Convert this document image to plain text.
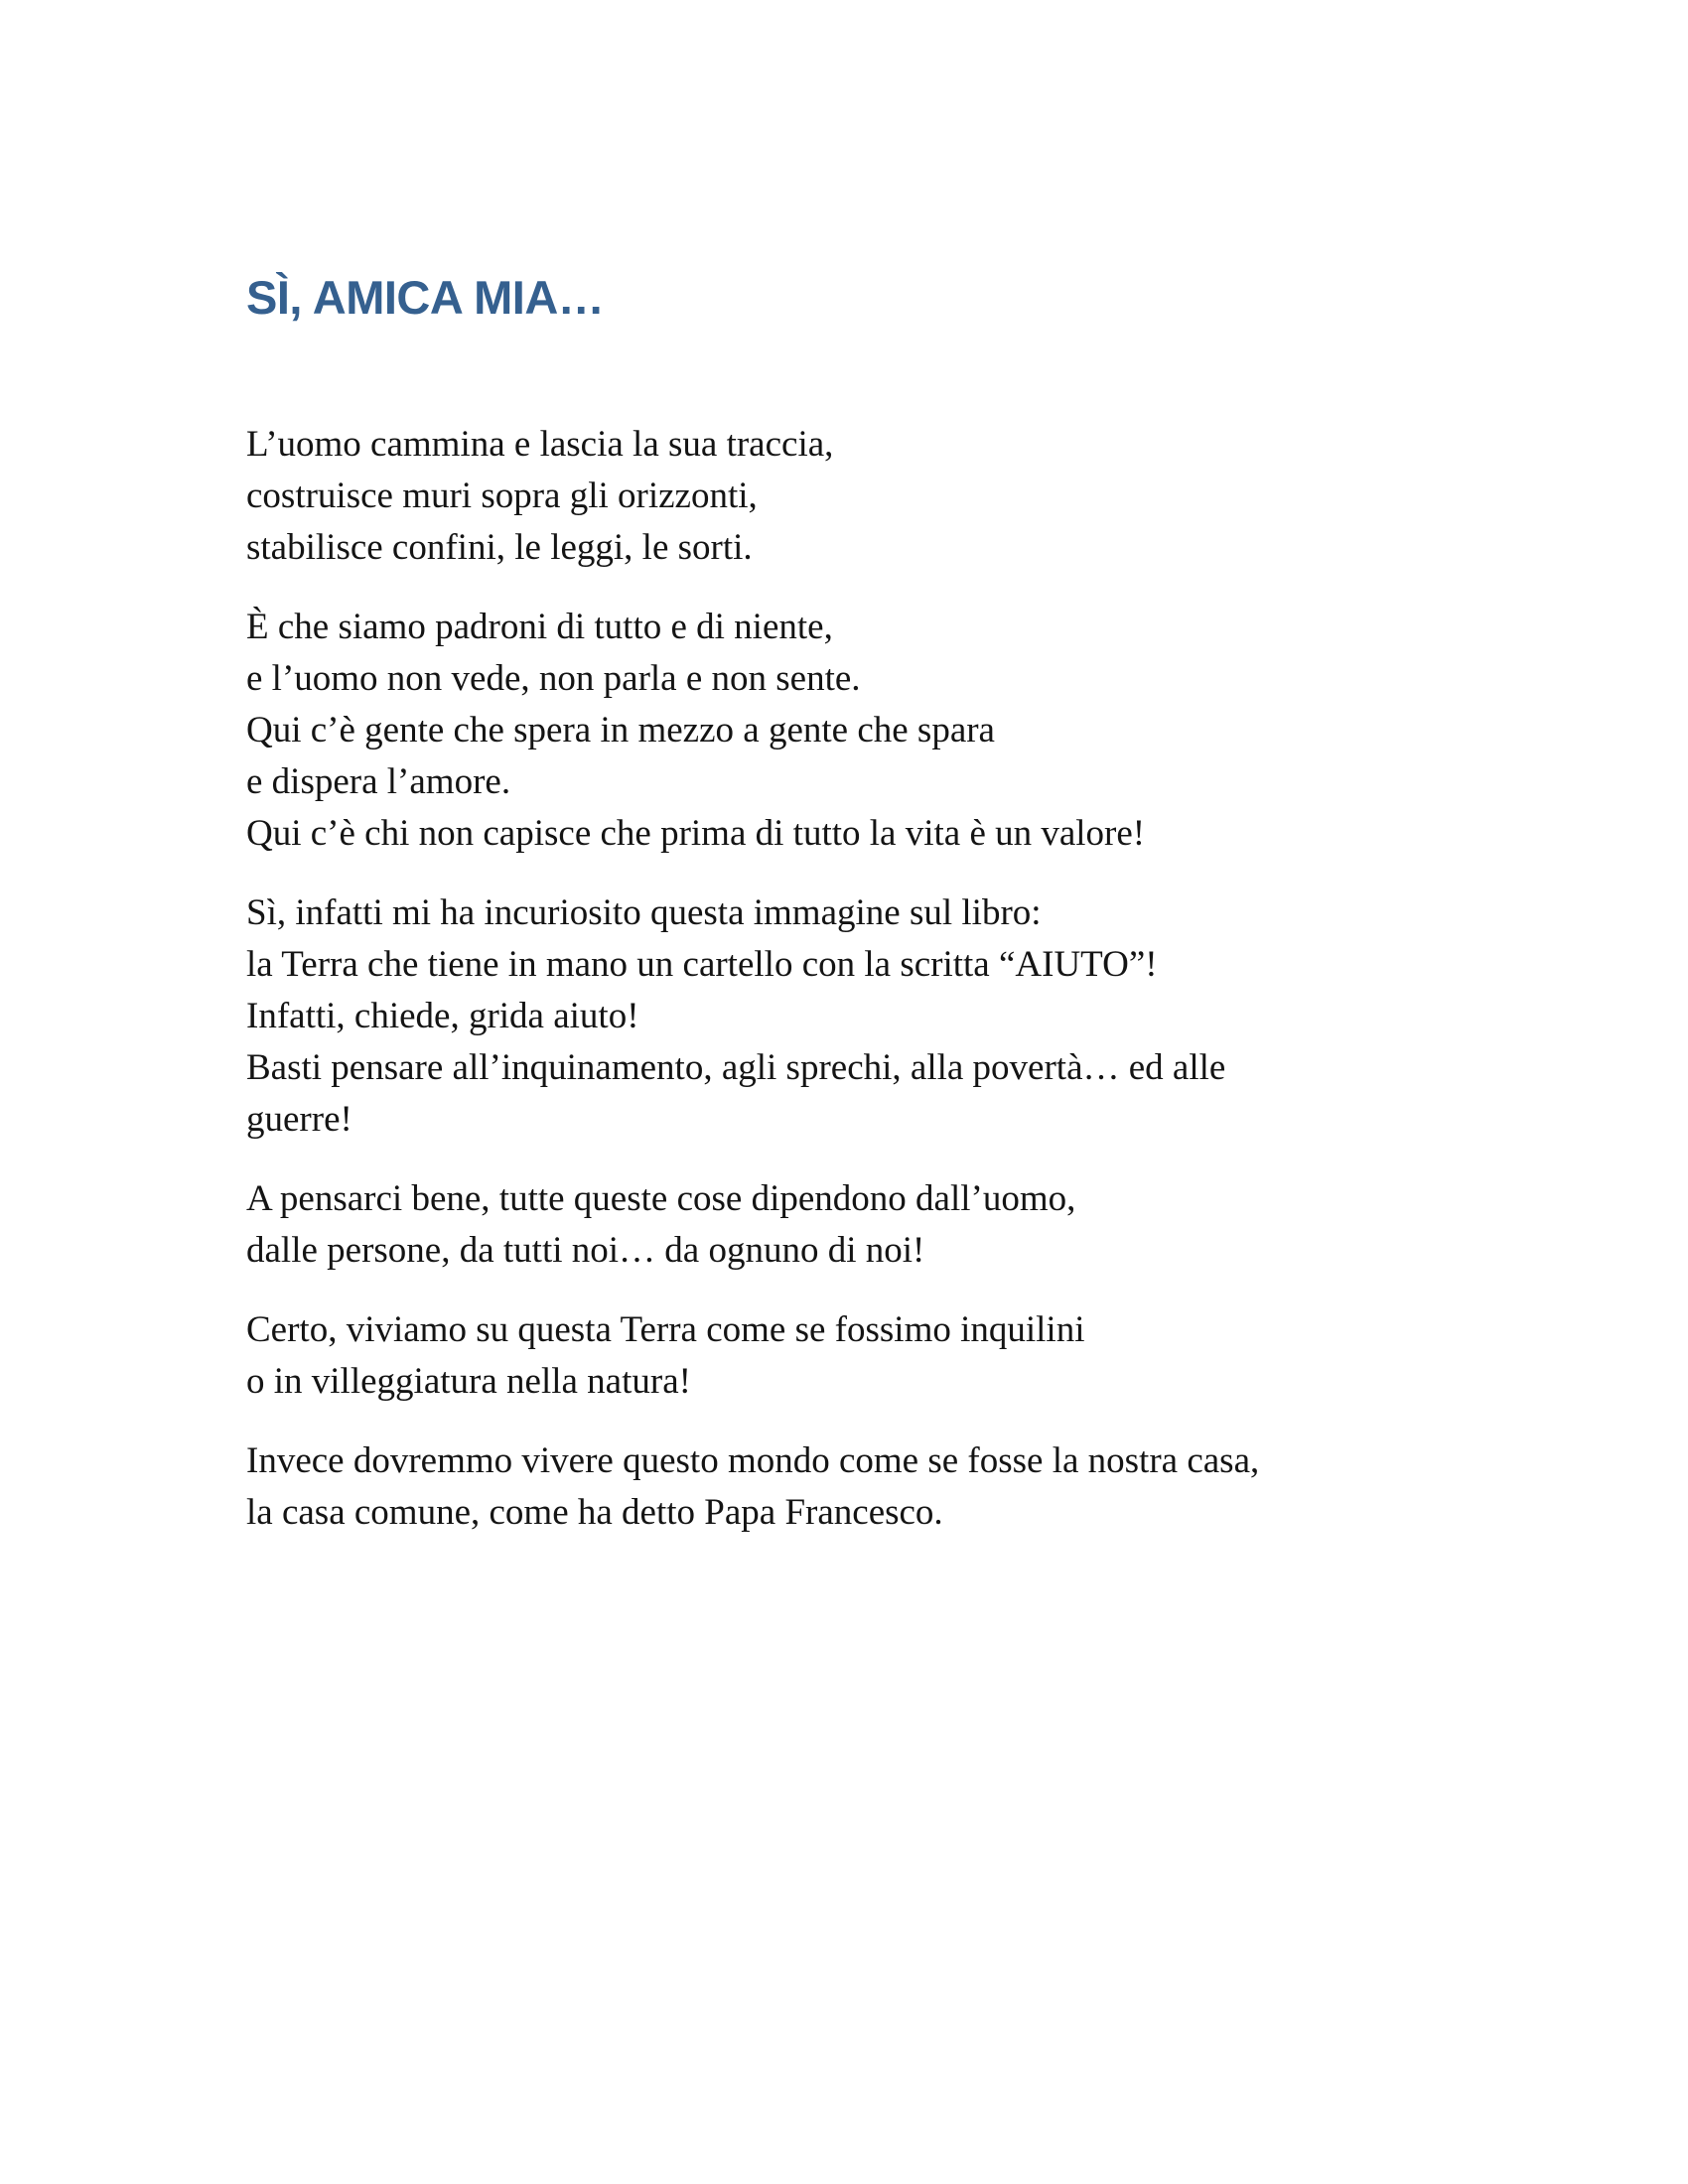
SÌ, AMICA MIA…

L’uomo cammina e lascia la sua traccia,
costruisce muri sopra gli orizzonti,
stabilisce confini, le leggi, le sorti.

È che siamo padroni di tutto e di niente,
e l’uomo non vede, non parla e non sente.
Qui c’è gente che spera in mezzo a gente che spara
e dispera l’amore.
Qui c’è chi non capisce che prima di tutto la vita è un valore!

Sì, infatti mi ha incuriosito questa immagine sul libro:
la Terra che tiene in mano un cartello con la scritta “AIUTO”!
Infatti, chiede, grida aiuto!
Basti pensare all’inquinamento, agli sprechi, alla povertà… ed alle
guerre!

A pensarci bene, tutte queste cose dipendono dall’uomo,
dalle persone, da tutti noi… da ognuno di noi!

Certo, viviamo su questa Terra come se fossimo inquilini
o in villeggiatura nella natura!

Invece dovremmo vivere questo mondo come se fosse la nostra casa,
la casa comune, come ha detto Papa Francesco.
